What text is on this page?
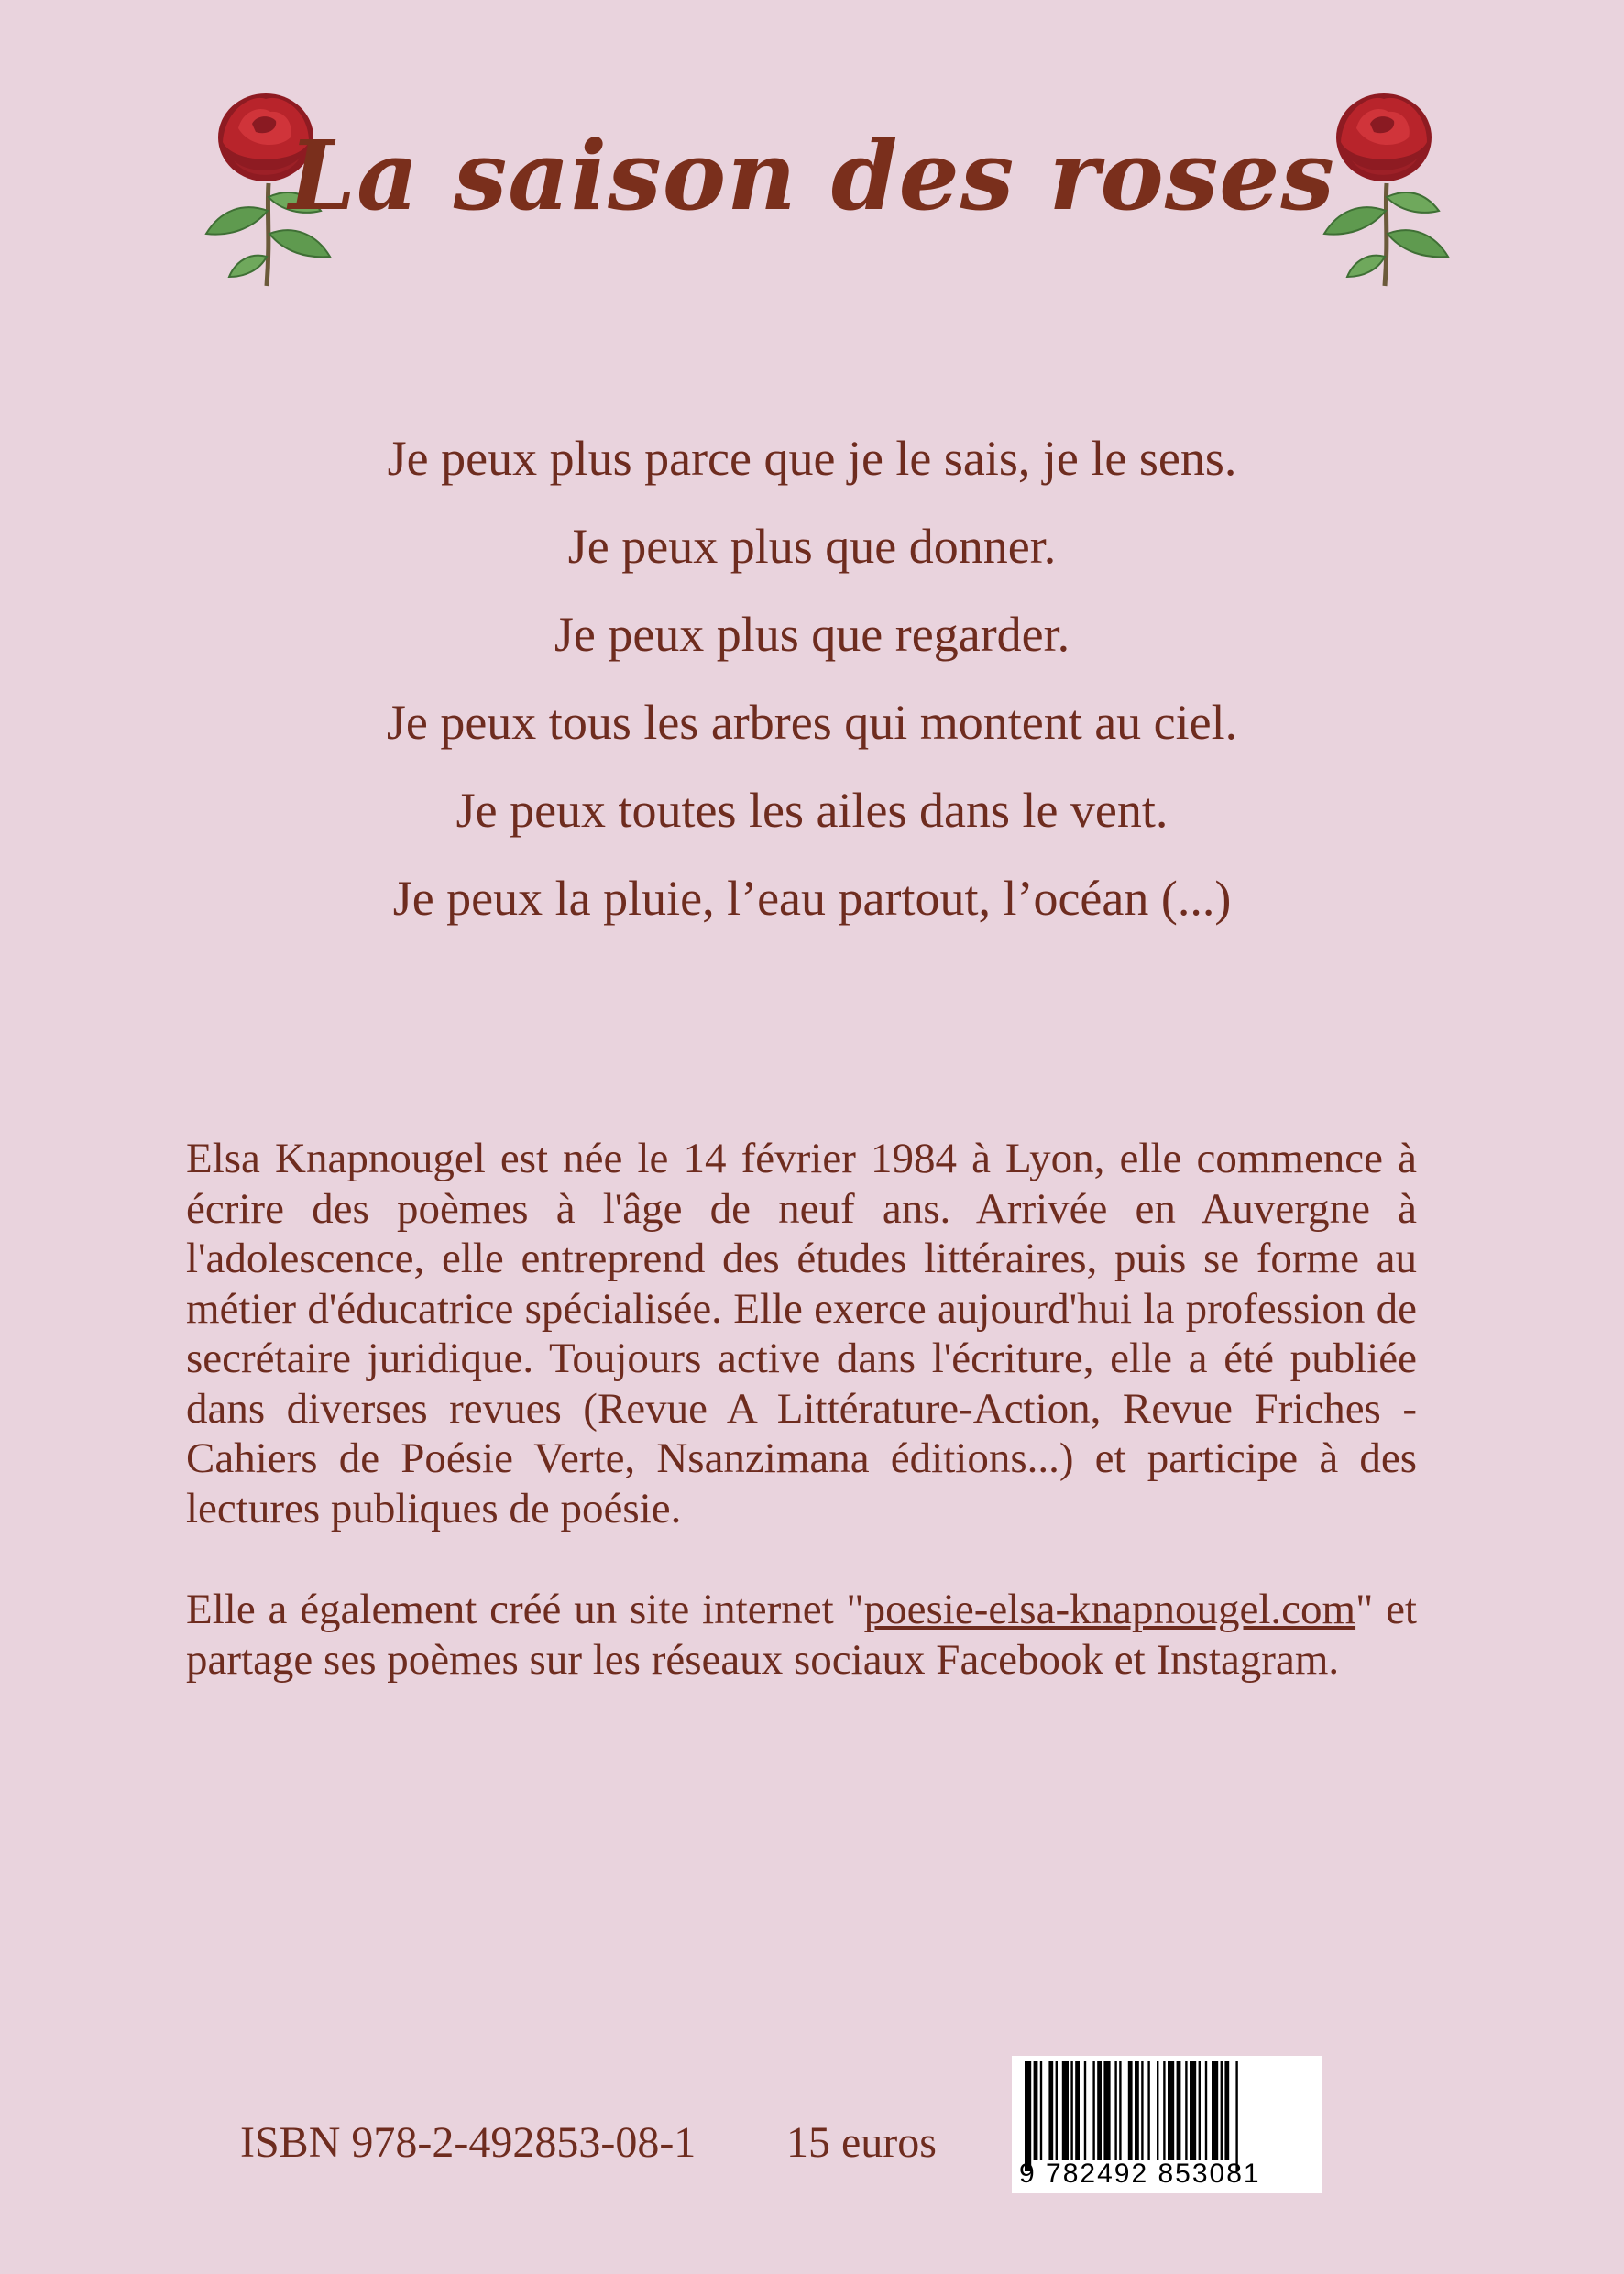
La saison des roses
Je peux plus parce que je le sais, je le sens.
Je peux plus que donner.
Je peux plus que regarder.
Je peux tous les arbres qui montent au ciel.
Je peux toutes les ailes dans le vent.
Je peux la pluie, l’eau partout, l’océan (...)

Elsa Knapnougel est née le 14 février 1984 à Lyon, elle commence à écrire des poèmes à l'âge de neuf ans. Arrivée en Auvergne à l'adolescence, elle entreprend des études littéraires, puis se forme au métier d'éducatrice spécialisée. Elle exerce aujourd'hui la profession de secrétaire juridique. Toujours active dans l'écriture, elle a été publiée dans diverses revues (Revue A Littérature-Action, Revue Friches - Cahiers de Poésie Verte, Nsanzimana éditions...) et participe à des lectures publiques de poésie.

Elle a également créé un site internet "poesie-elsa-knapnougel.com" et partage ses poèmes sur les réseaux sociaux Facebook et Instagram.

ISBN 978-2-492853-08-1 15 euros
9 782492 853081
